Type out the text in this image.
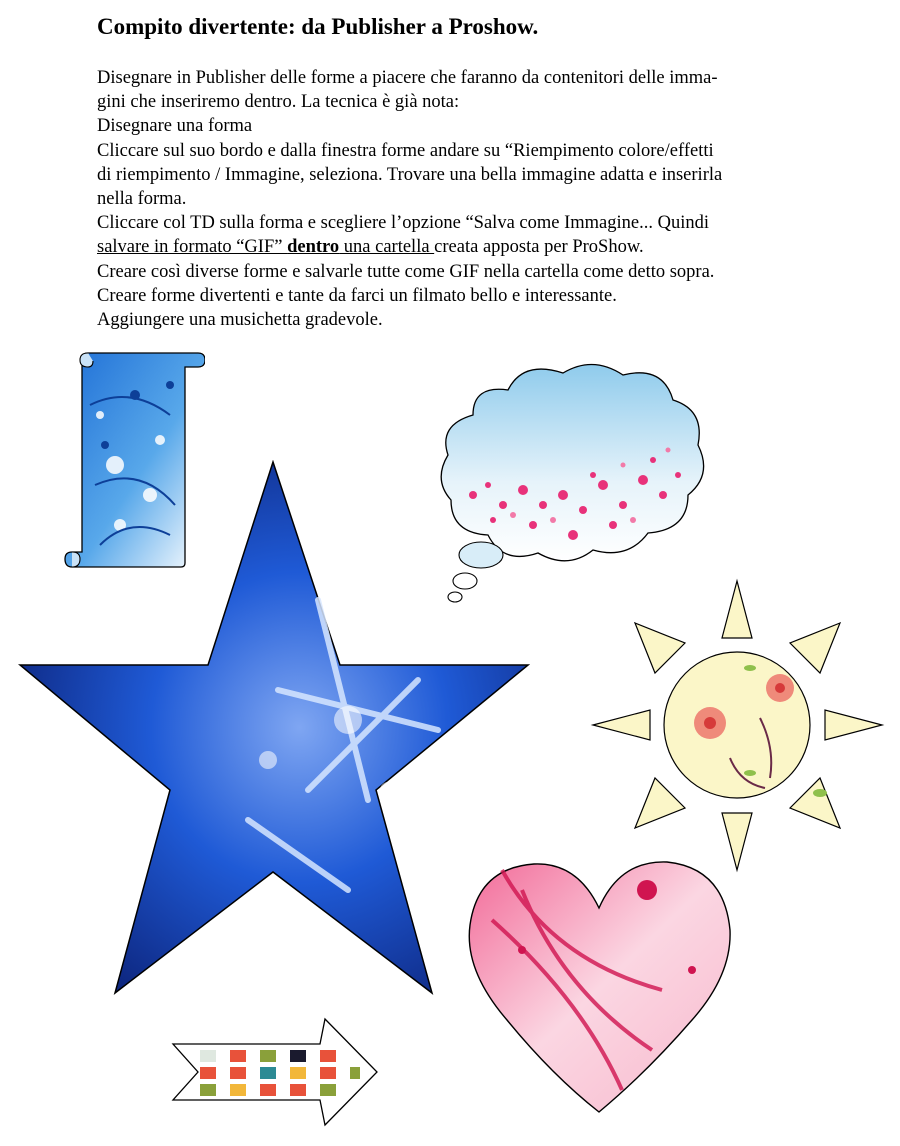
Compito divertente: da Publisher a Proshow.
Disegnare in Publisher delle forme a piacere che faranno da contenitori delle imma-
gini che inseriremo dentro. La tecnica è già nota:
Disegnare una forma
Cliccare sul suo bordo e dalla finestra forme andare su “Riempimento colore/effetti
di riempimento / Immagine, seleziona. Trovare una bella immagine adatta e inserirla
nella forma.
Cliccare col TD sulla forma e scegliere l’opzione “Salva come Immagine... Quindi
salvare in formato “GIF” dentro una cartella creata apposta per ProShow.
Creare così diverse forme e salvarle tutte come GIF nella cartella come detto sopra.
Creare forme divertenti e tante da farci un filmato bello e interessante.
Aggiungere una musichetta gradevole.
